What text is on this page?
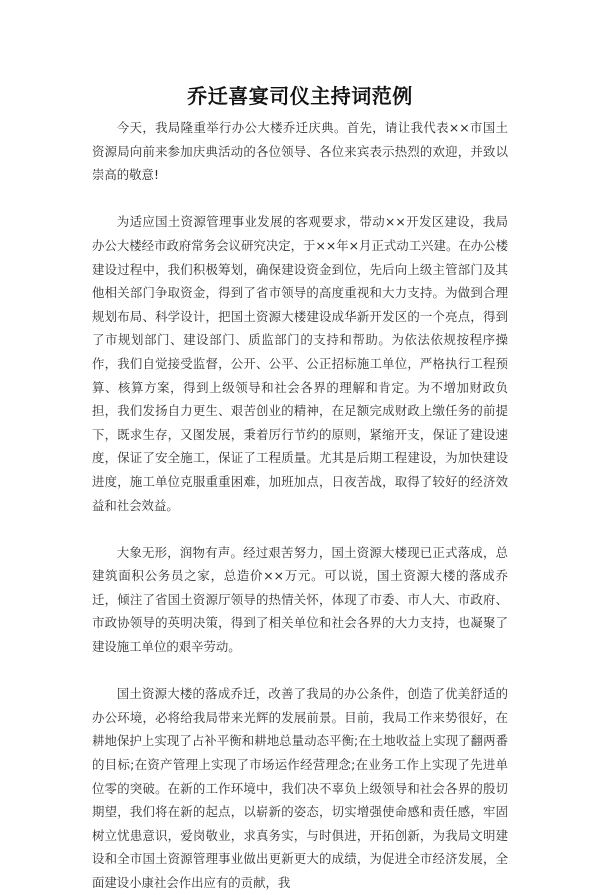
乔迁喜宴司仪主持词范例

今天，我局隆重举行办公大楼乔迁庆典。首先，请让我代表××市国土资源局向前来参加庆典活动的各位领导、各位来宾表示热烈的欢迎，并致以崇高的敬意!

为适应国土资源管理事业发展的客观要求，带动××开发区建设，我局办公大楼经市政府常务会议研究决定，于××年×月正式动工兴建。在办公楼建设过程中，我们积极筹划，确保建设资金到位，先后向上级主管部门及其他相关部门争取资金，得到了省市领导的高度重视和大力支持。为做到合理规划布局、科学设计，把国土资源大楼建设成华新开发区的一个亮点，得到了市规划部门、建设部门、质监部门的支持和帮助。为依法依规按程序操作，我们自觉接受监督，公开、公平、公正招标施工单位，严格执行工程预算、核算方案，得到上级领导和社会各界的理解和肯定。为不增加财政负担，我们发扬自力更生、艰苦创业的精神，在足额完成财政上缴任务的前提下，既求生存，又图发展，秉着厉行节约的原则，紧缩开支，保证了建设速度，保证了安全施工，保证了工程质量。尤其是后期工程建设，为加快建设进度，施工单位克服重重困难，加班加点，日夜苦战，取得了较好的经济效益和社会效益。

大象无形，润物有声。经过艰苦努力，国土资源大楼现已正式落成，总建筑面积公务员之家，总造价××万元。可以说，国土资源大楼的落成乔迁，倾注了省国土资源厅领导的热情关怀，体现了市委、市人大、市政府、市政协领导的英明决策，得到了相关单位和社会各界的大力支持，也凝聚了建设施工单位的艰辛劳动。

国土资源大楼的落成乔迁，改善了我局的办公条件，创造了优美舒适的办公环境，必将给我局带来光辉的发展前景。目前，我局工作来势很好，在耕地保护上实现了占补平衡和耕地总量动态平衡;在土地收益上实现了翻两番的目标;在资产管理上实现了市场运作经营理念;在业务工作上实现了先进单位零的突破。在新的工作环境中，我们决不辜负上级领导和社会各界的殷切期望，我们将在新的起点，以崭新的姿态，切实增强使命感和责任感，牢固树立忧患意识，爱岗敬业，求真务实，与时俱进，开拓创新，为我局文明建设和全市国土资源管理事业做出更新更大的成绩，为促进全市经济发展，全面建设小康社会作出应有的贡献，我
